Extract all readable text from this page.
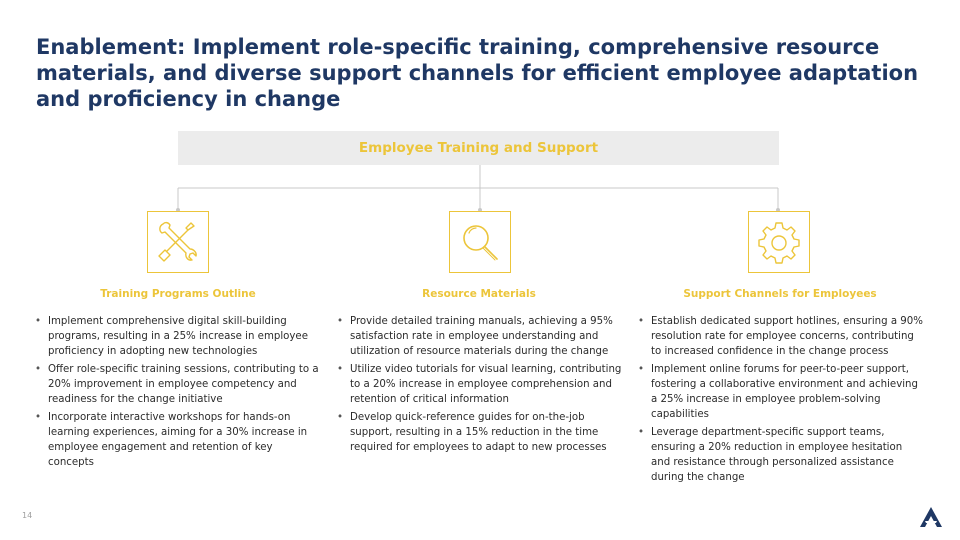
Enablement: Implement role-specific training, comprehensive resource materials, and diverse support channels for efficient employee adaptation and proficiency in change
Employee Training and Support
Training Programs Outline
• Implement comprehensive digital skill-building programs, resulting in a 25% increase in employee proficiency in adopting new technologies
• Offer role-specific training sessions, contributing to a 20% improvement in employee competency and readiness for the change initiative
• Incorporate interactive workshops for hands-on learning experiences, aiming for a 30% increase in employee engagement and retention of key concepts
Resource Materials
• Provide detailed training manuals, achieving a 95% satisfaction rate in employee understanding and utilization of resource materials during the change
• Utilize video tutorials for visual learning, contributing to a 20% increase in employee comprehension and retention of critical information
• Develop quick-reference guides for on-the-job support, resulting in a 15% reduction in the time required for employees to adapt to new processes
Support Channels for Employees
• Establish dedicated support hotlines, ensuring a 90% resolution rate for employee concerns, contributing to increased confidence in the change process
• Implement online forums for peer-to-peer support, fostering a collaborative environment and achieving a 25% increase in employee problem-solving capabilities
• Leverage department-specific support teams, ensuring a 20% reduction in employee hesitation and resistance through personalized assistance during the change
14
